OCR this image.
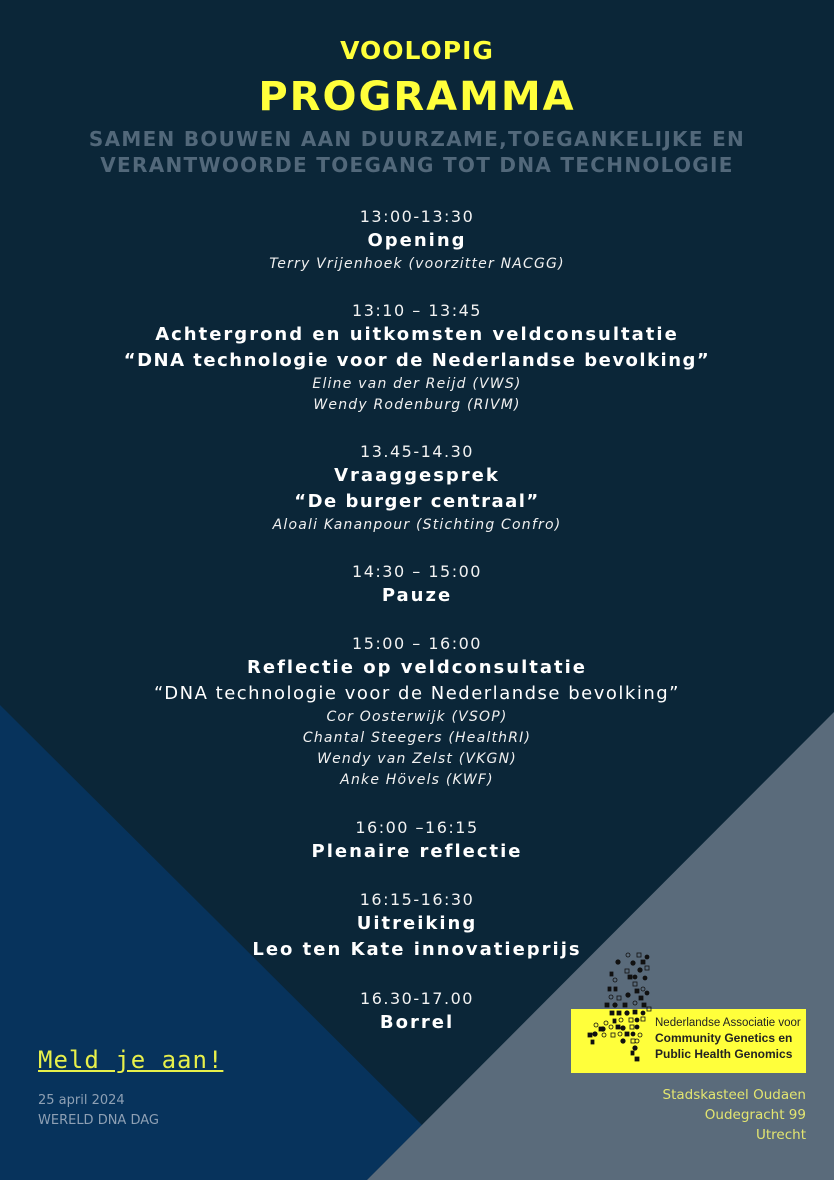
VOOLOPIG
PROGRAMMA
SAMEN BOUWEN AAN DUURZAME,TOEGANKELIJKE EN
VERANTWOORDE TOEGANG TOT DNA TECHNOLOGIE
13:00-13:30
Opening
Terry Vrijenhoek (voorzitter NACGG)
13:10 – 13:45
Achtergrond en uitkomsten veldconsultatie
“DNA technologie voor de Nederlandse bevolking”
Eline van der Reijd (VWS)
Wendy Rodenburg (RIVM)
13.45-14.30
Vraaggesprek
“De burger centraal”
Aloali Kananpour (Stichting Confro)
14:30 – 15:00
Pauze
15:00 – 16:00
Reflectie op veldconsultatie
“DNA technologie voor de Nederlandse bevolking”
Cor Oosterwijk (VSOP)
Chantal Steegers (HealthRI)
Wendy van Zelst (VKGN)
Anke Hövels (KWF)
16:00 –16:15
Plenaire reflectie
16:15-16:30
Uitreiking
Leo ten Kate innovatieprijs
16.30-17.00
Borrel
Meld je aan!
25 april 2024
WERELD DNA DAG
Nederlandse Associatie voor
Community Genetics en
Public Health Genomics
Stadskasteel Oudaen
Oudegracht 99
Utrecht
